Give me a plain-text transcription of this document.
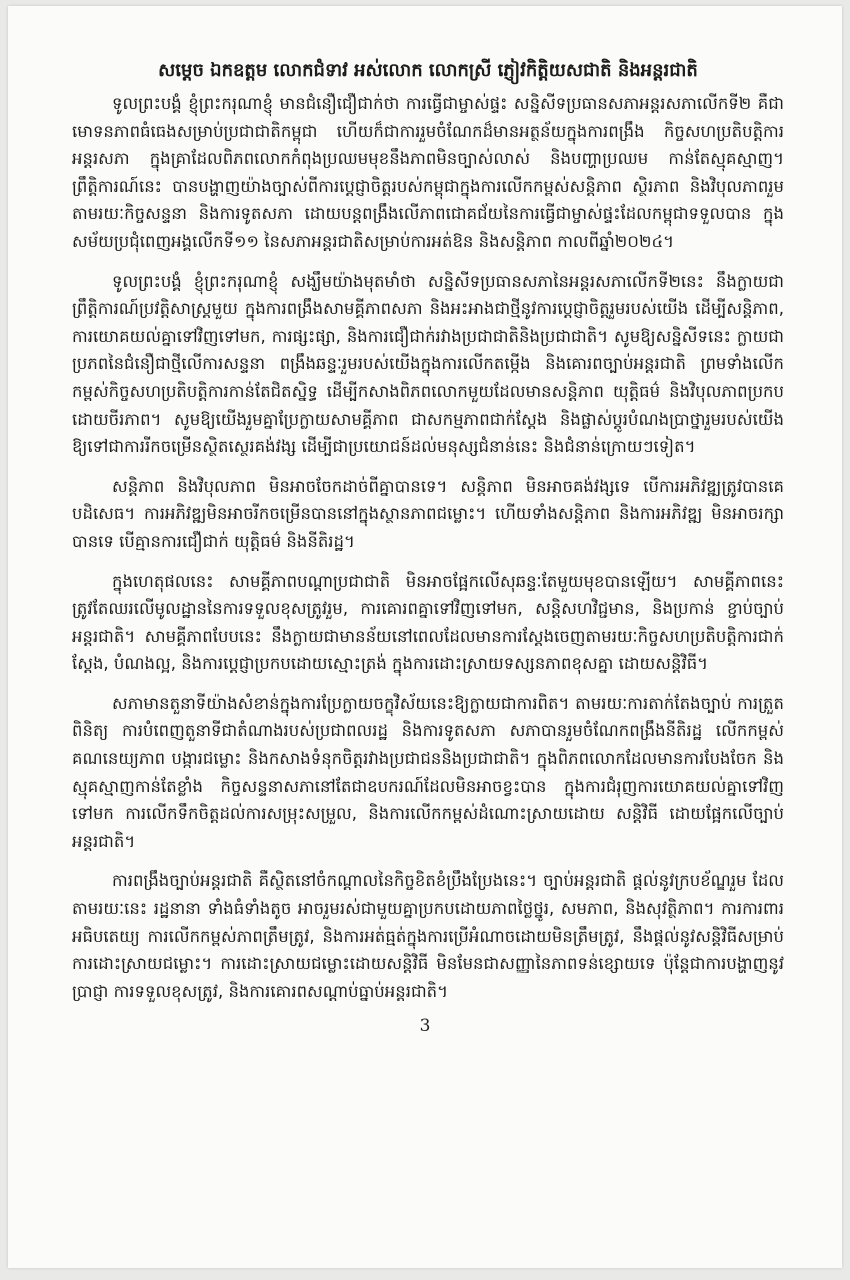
សម្តេច ឯកឧត្តម លោកជំទាវ អស់លោក លោកស្រី ភ្ញៀវកិត្តិយសជាតិ និងអន្តរជាតិ

ទូលព្រះបង្គំ ខ្ញុំព្រះករុណាខ្ញុំ មានជំនឿជឿជាក់ថា ការធ្វើជាម្ចាស់ផ្ទះ សន្និសីទប្រធានសភាអន្តរសភាលើកទី២ គឺជាមោទនភាពធំធេងសម្រាប់ប្រជាជាតិកម្ពុជា ហើយក៏ជាការរួមចំណែកដ៏មានអត្ថន័យក្នុងការពង្រឹង កិច្ចសហប្រតិបត្តិការអន្តរសភា ក្នុងគ្រាដែលពិភពលោកកំពុងប្រឈមមុខនឹងភាពមិនច្បាស់លាស់ និងបញ្ហាប្រឈម កាន់តែស្មុគស្មាញ។ ព្រឹត្តិការណ៍នេះ បានបង្ហាញយ៉ាងច្បាស់ពីការប្តេជ្ញាចិត្តរបស់កម្ពុជាក្នុងការលើកកម្ពស់សន្តិភាព ស្ថិរភាព និងវិបុលភាពរួម តាមរយៈកិច្ចសន្ទនា និងការទូតសភា ដោយបន្តពង្រឹងលើភាពជោគជ័យនៃការធ្វើជាម្ចាស់ផ្ទះដែលកម្ពុជាទទួលបាន ក្នុងសម័យប្រជុំពេញអង្គលើកទី១១ នៃសភាអន្តរជាតិសម្រាប់ការអត់ឱន និងសន្តិភាព កាលពីឆ្នាំ២០២៤។

ទូលព្រះបង្គំ ខ្ញុំព្រះករុណាខ្ញុំ សង្ឃឹមយ៉ាងមុតមាំថា សន្និសីទប្រធានសភានៃអន្តរសភាលើកទី២នេះ នឹងក្លាយជាព្រឹត្តិការណ៍ប្រវត្តិសាស្ត្រមួយ ក្នុងការពង្រឹងសាមគ្គីភាពសភា និងអះអាងជាថ្មីនូវការប្តេជ្ញាចិត្តរួមរបស់យើង ដើម្បីសន្តិភាព, ការយោគយល់គ្នាទៅវិញទៅមក, ការផ្សះផ្សា, និងការជឿជាក់រវាងប្រជាជាតិនិងប្រជាជាតិ។ សូមឱ្យសន្និសីទនេះ ក្លាយជាប្រភពនៃជំនឿជាថ្មីលើការសន្ទនា ពង្រឹងឆន្ទៈរួមរបស់យើងក្នុងការលើកតម្កើង និងគោរពច្បាប់អន្តរជាតិ ព្រមទាំងលើកកម្ពស់កិច្ចសហប្រតិបត្តិការកាន់តែជិតស្និទ្ធ ដើម្បីកសាងពិភពលោកមួយដែលមានសន្តិភាព យុត្តិធម៌ និងវិបុលភាពប្រកបដោយចីរភាព។ សូមឱ្យយើងរួមគ្នាប្រែក្លាយសាមគ្គីភាព ជាសកម្មភាពជាក់ស្តែង និងផ្លាស់ប្តូរបំណងប្រាថ្នារួមរបស់យើង ឱ្យទៅជាការរីកចម្រើនស្ថិតស្ថេរគង់វង្ស ដើម្បីជាប្រយោជន៍ដល់មនុស្សជំនាន់នេះ និងជំនាន់ក្រោយៗទៀត។

សន្តិភាព និងវិបុលភាព មិនអាចចែកដាច់ពីគ្នាបានទេ។ សន្តិភាព មិនអាចគង់វង្សទេ បើការអភិវឌ្ឍត្រូវបានគេបដិសេធ។ ការអភិវឌ្ឍមិនអាចរីកចម្រើនបាននៅក្នុងស្ថានភាពជម្លោះ។ ហើយទាំងសន្តិភាព និងការអភិវឌ្ឍ មិនអាចរក្សាបានទេ បើគ្មានការជឿជាក់ យុត្តិធម៌ និងនីតិរដ្ឋ។

ក្នុងហេតុផលនេះ សាមគ្គីភាពបណ្តាប្រជាជាតិ មិនអាចផ្អែកលើសុឆន្ទៈតែមួយមុខបានឡើយ។ សាមគ្គីភាពនេះ ត្រូវតែឈរលើមូលដ្ឋាននៃការទទួលខុសត្រូវរួម, ការគោរពគ្នាទៅវិញទៅមក, សន្តិសហវិជ្ជមាន, និងប្រកាន់ ខ្ជាប់ច្បាប់អន្តរជាតិ។ សាមគ្គីភាពបែបនេះ នឹងក្លាយជាមានន័យនៅពេលដែលមានការស្តែងចេញតាមរយៈកិច្ចសហប្រតិបត្តិការជាក់ស្តែង, បំណងល្អ, និងការប្តេជ្ញាប្រកបដោយស្មោះត្រង់ ក្នុងការដោះស្រាយទស្សនភាពខុសគ្នា ដោយសន្តិវិធី។

សភាមានតួនាទីយ៉ាងសំខាន់ក្នុងការប្រែក្លាយចក្ខុវិស័យនេះឱ្យក្លាយជាការពិត។ តាមរយៈការតាក់តែងច្បាប់ ការត្រួតពិនិត្យ ការបំពេញតួនាទីជាតំណាងរបស់ប្រជាពលរដ្ឋ និងការទូតសភា សភាបានរួមចំណែកពង្រឹងនីតិរដ្ឋ លើកកម្ពស់គណនេយ្យភាព បង្ការជម្លោះ និងកសាងទំនុកចិត្តរវាងប្រជាជននិងប្រជាជាតិ។ ក្នុងពិភពលោកដែលមានការបែងចែក និងស្មុគស្មាញកាន់តែខ្លាំង កិច្ចសន្ទនាសភានៅតែជាឧបករណ៍ដែលមិនអាចខ្វះបាន ក្នុងការជំរុញការយោគយល់គ្នាទៅវិញទៅមក ការលើកទឹកចិត្តដល់ការសម្រុះសម្រួល, និងការលើកកម្ពស់ដំណោះស្រាយដោយ សន្តិវិធី ដោយផ្អែកលើច្បាប់អន្តរជាតិ។

ការពង្រឹងច្បាប់អន្តរជាតិ គឺស្ថិតនៅចំកណ្តាលនៃកិច្ចខិតខំប្រឹងប្រែងនេះ។ ច្បាប់អន្តរជាតិ ផ្តល់នូវក្របខ័ណ្ឌរួម ដែលតាមរយៈនេះ រដ្ឋនានា ទាំងធំទាំងតូច អាចរួមរស់ជាមួយគ្នាប្រកបដោយភាពថ្លៃថ្នូរ, សមភាព, និងសុវត្ថិភាព។ ការការពារអធិបតេយ្យ ការលើកកម្ពស់ភាពត្រឹមត្រូវ, និងការអត់ធ្មត់ក្នុងការប្រើអំណាចដោយមិនត្រឹមត្រូវ, នឹងផ្តល់នូវសន្តិវិធីសម្រាប់ការដោះស្រាយជម្លោះ។ ការដោះស្រាយជម្លោះដោយសន្តិវិធី មិនមែនជាសញ្ញានៃភាពទន់ខ្សោយទេ ប៉ុន្តែជាការបង្ហាញនូវប្រាជ្ញា ការទទួលខុសត្រូវ, និងការគោរពសណ្តាប់ធ្នាប់អន្តរជាតិ។

3
